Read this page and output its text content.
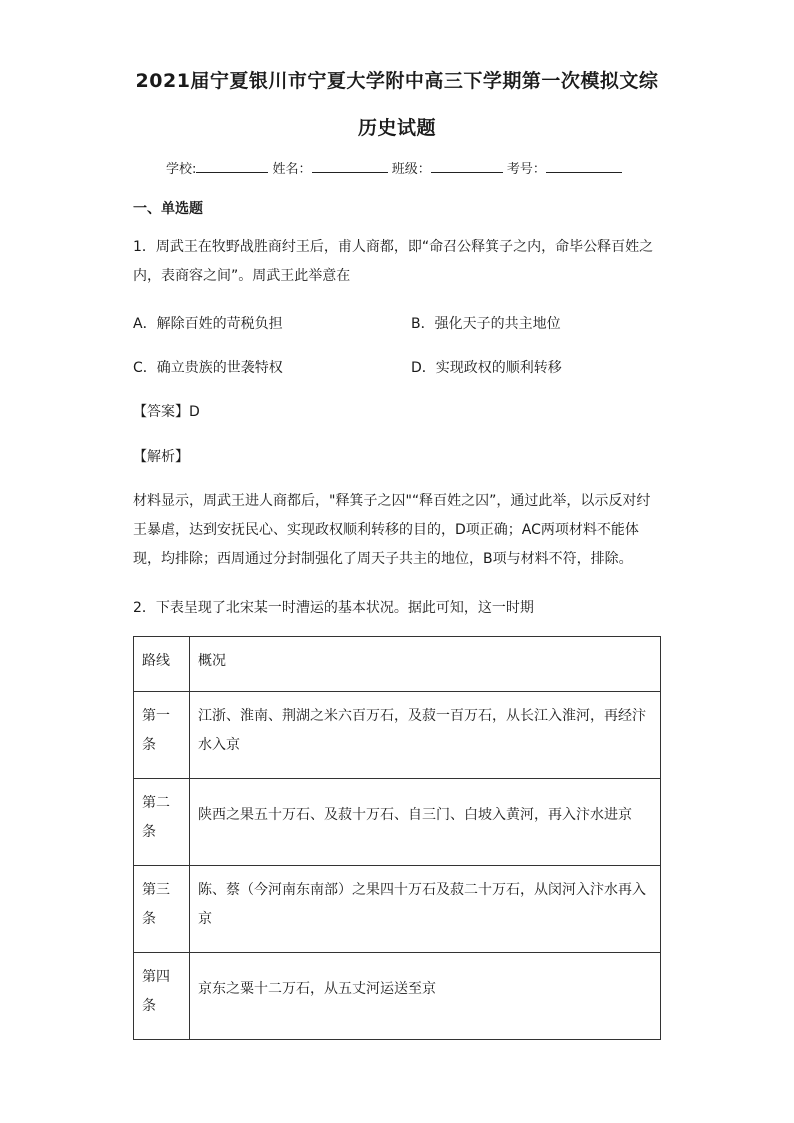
2021届宁夏银川市宁夏大学附中高三下学期第一次模拟文综
历史试题
学校:	姓名：	班级：	考号：
一、单选题
1．周武王在牧野战胜商纣王后，甫人商都，即“命召公释箕子之内，命毕公释百姓之内，表商容之间”。周武王此举意在
A．解除百姓的苛税负担	B．强化天子的共主地位
C．确立贵族的世袭特权	D．实现政权的顺利转移
【答案】D
【解析】
材料显示，周武王进人商都后，"释箕子之囚"“释百姓之囚”，通过此举，以示反对纣王暴虐，达到安抚民心、实现政权顺利转移的目的，D项正确；AC两项材料不能体现，均排除；西周通过分封制强化了周天子共主的地位，B项与材料不符，排除。
2．下表呈现了北宋某一时漕运的基本状况。据此可知，这一时期
路线	概况
第一条	江浙、淮南、荆湖之米六百万石，及菽一百万石，从长江入淮河，再经汴水入京
第二条	陕西之果五十万石、及菽十万石、自三门、白坡入黄河，再入汴水进京
第三条	陈、蔡（今河南东南部）之果四十万石及菽二十万石，从闵河入汴水再入京
第四条	京东之粟十二万石，从五丈河运送至京
